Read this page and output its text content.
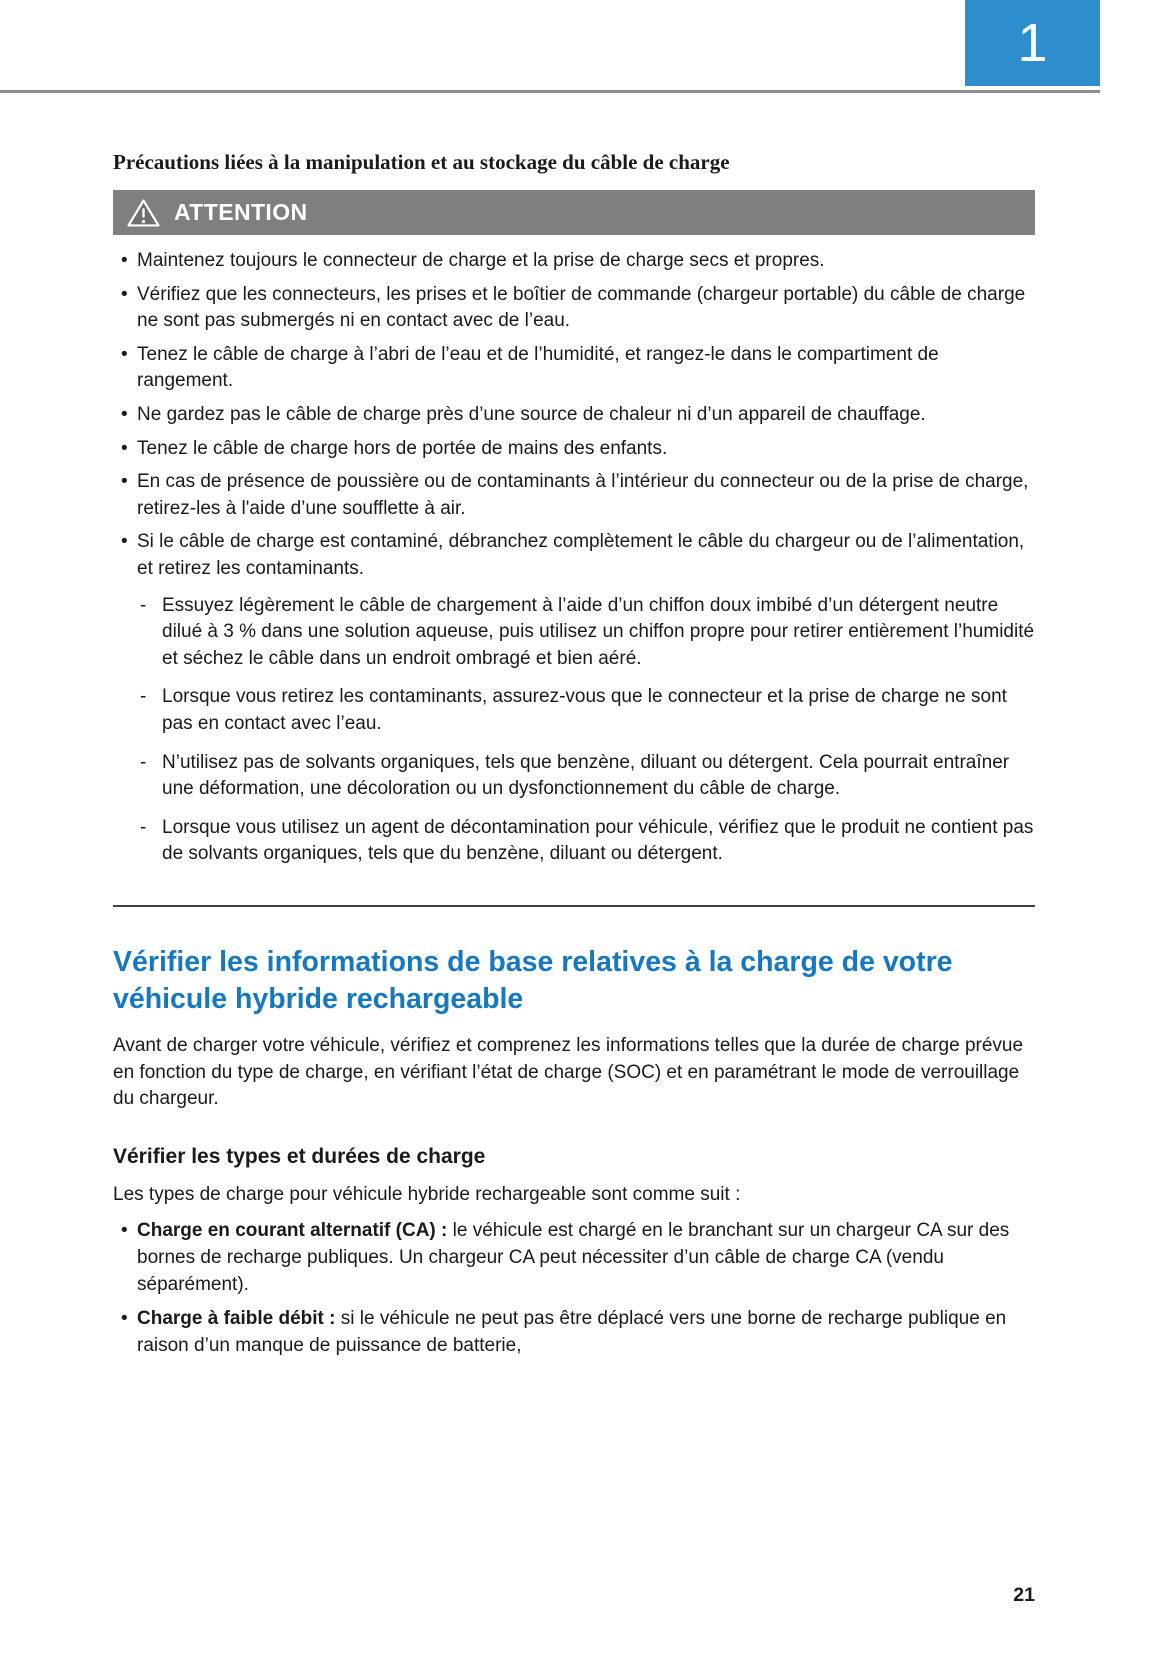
1
Précautions liées à la manipulation et au stockage du câble de charge
ATTENTION
• Maintenez toujours le connecteur de charge et la prise de charge secs et propres.
• Vérifiez que les connecteurs, les prises et le boîtier de commande (chargeur portable) du câble de charge ne sont pas submergés ni en contact avec de l’eau.
• Tenez le câble de charge à l’abri de l’eau et de l’humidité, et rangez-le dans le compartiment de rangement.
• Ne gardez pas le câble de charge près d’une source de chaleur ni d’un appareil de chauffage.
• Tenez le câble de charge hors de portée de mains des enfants.
• En cas de présence de poussière ou de contaminants à l’intérieur du connecteur ou de la prise de charge, retirez-les à l'aide d’une soufflette à air.
• Si le câble de charge est contaminé, débranchez complètement le câble du chargeur ou de l’alimentation, et retirez les contaminants.
- Essuyez légèrement le câble de chargement à l’aide d’un chiffon doux imbibé d’un détergent neutre dilué à 3 % dans une solution aqueuse, puis utilisez un chiffon propre pour retirer entièrement l’humidité et séchez le câble dans un endroit ombragé et bien aéré.
- Lorsque vous retirez les contaminants, assurez-vous que le connecteur et la prise de charge ne sont pas en contact avec l’eau.
- N’utilisez pas de solvants organiques, tels que benzène, diluant ou détergent. Cela pourrait entraîner une déformation, une décoloration ou un dysfonctionnement du câble de charge.
- Lorsque vous utilisez un agent de décontamination pour véhicule, vérifiez que le produit ne contient pas de solvants organiques, tels que du benzène, diluant ou détergent.
Vérifier les informations de base relatives à la charge de votre véhicule hybride rechargeable

Avant de charger votre véhicule, vérifiez et comprenez les informations telles que la durée de charge prévue en fonction du type de charge, en vérifiant l’état de charge (SOC) et en paramétrant le mode de verrouillage du chargeur.

Vérifier les types et durées de charge

Les types de charge pour véhicule hybride rechargeable sont comme suit :

• Charge en courant alternatif (CA) : le véhicule est chargé en le branchant sur un chargeur CA sur des bornes de recharge publiques. Un chargeur CA peut nécessiter d’un câble de charge CA (vendu séparément).
• Charge à faible débit : si le véhicule ne peut pas être déplacé vers une borne de recharge publique en raison d’un manque de puissance de batterie,
21
